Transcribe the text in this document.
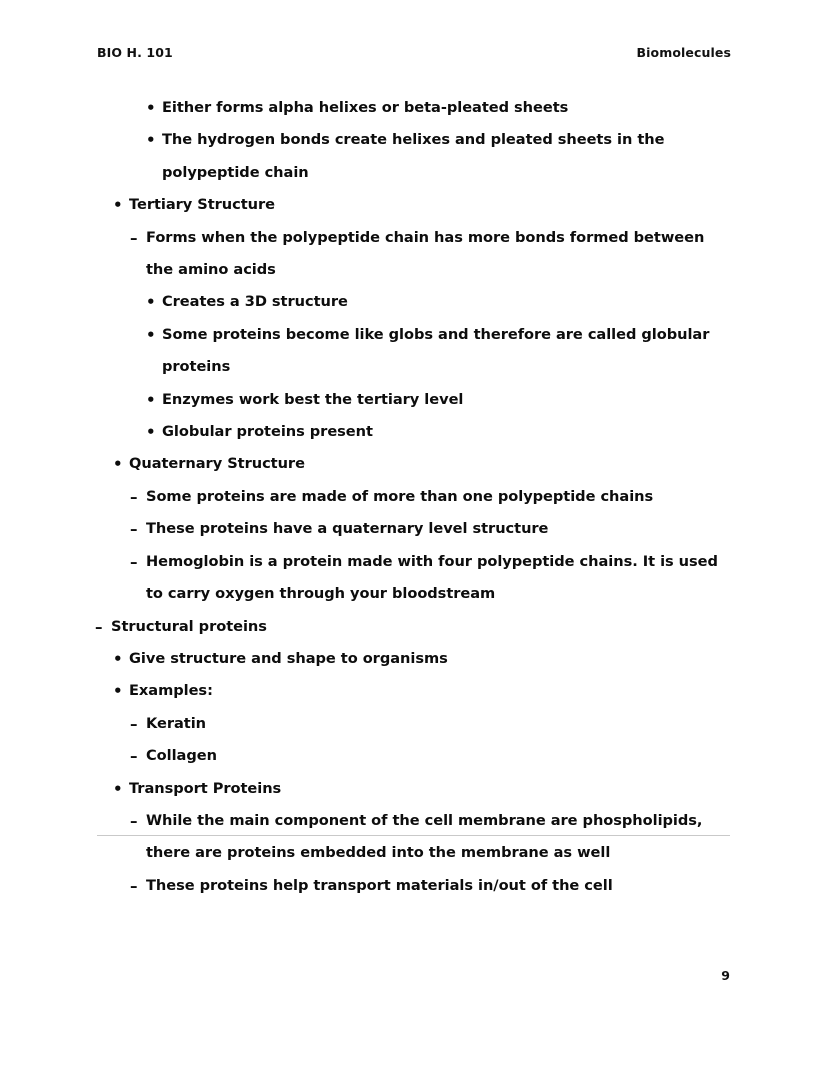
BIO H. 101	Biomolecules
• Either forms alpha helixes or beta-pleated sheets
• The hydrogen bonds create helixes and pleated sheets in the polypeptide chain
• Tertiary Structure
– Forms when the polypeptide chain has more bonds formed between the amino acids
• Creates a 3D structure
• Some proteins become like globs and therefore are called globular proteins
• Enzymes work best the tertiary level
• Globular proteins present
• Quaternary Structure
– Some proteins are made of more than one polypeptide chains
– These proteins have a quaternary level structure
– Hemoglobin is a protein made with four polypeptide chains. It is used to carry oxygen through your bloodstream
– Structural proteins
• Give structure and shape to organisms
• Examples:
– Keratin
– Collagen
• Transport Proteins
– While the main component of the cell membrane are phospholipids, there are proteins embedded into the membrane as well
– These proteins help transport materials in/out of the cell
9
